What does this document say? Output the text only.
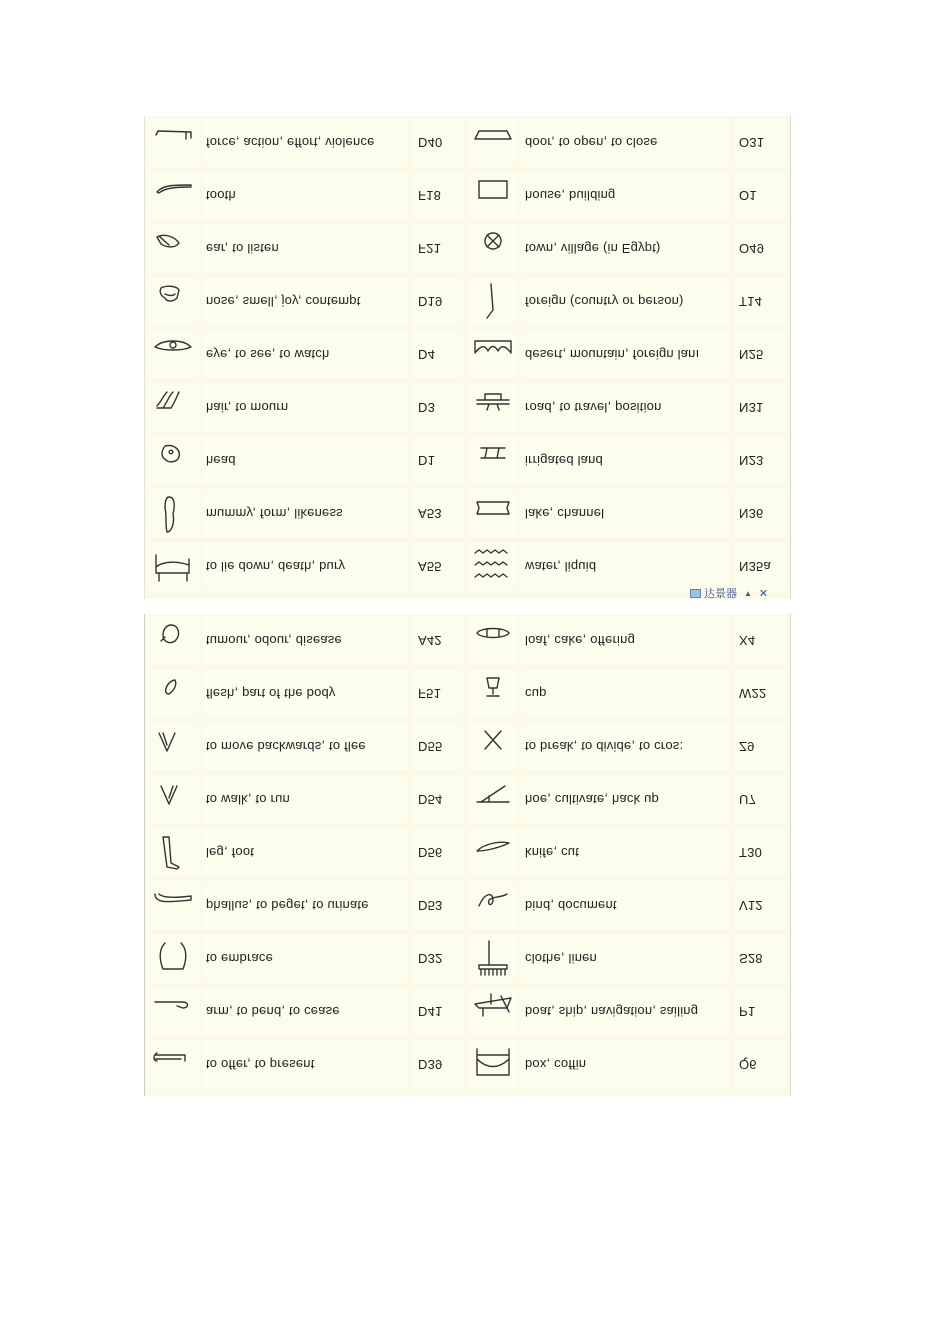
force, action, effort, violence	D40	door, to open, to close	O31
tooth	F18	house, building	O1
ear, to listen	F21	town, village (in Egypt)	O49
nose, smell, joy, contempt	D19	foreign (country or person)	T14
eye, to see, to watch	D4	desert, mountain, foreign lanı	N25
hair, to mourn	D3	road, to travel, position	N31
head	D1	irrigated land	N23
mummy, form, likeness	A53	lake, channel	N36
to lie down, death, bury	A55	water, liquid	N35a
tumour, odour, disease	A42	loaf, cake, offering	X4
flesh, part of the body	F51	cup	W22
to move backwards, to flee	D55	to break, to divide, to cros:	Z9
to walk, to run	D54	hoe, cultivate, hack up	U7
leg, foot	D56	knife, cut	T30
phallus, to beget, to urinate	D53	bind, document	V12
to embrace	D32	clothe, linen	S28
arm, to bend, to cease	D41	boat, ship, navigation, sailing	P1
to offer, to present	D39	box, coffin	Q6
达景器 ▲ ✕
